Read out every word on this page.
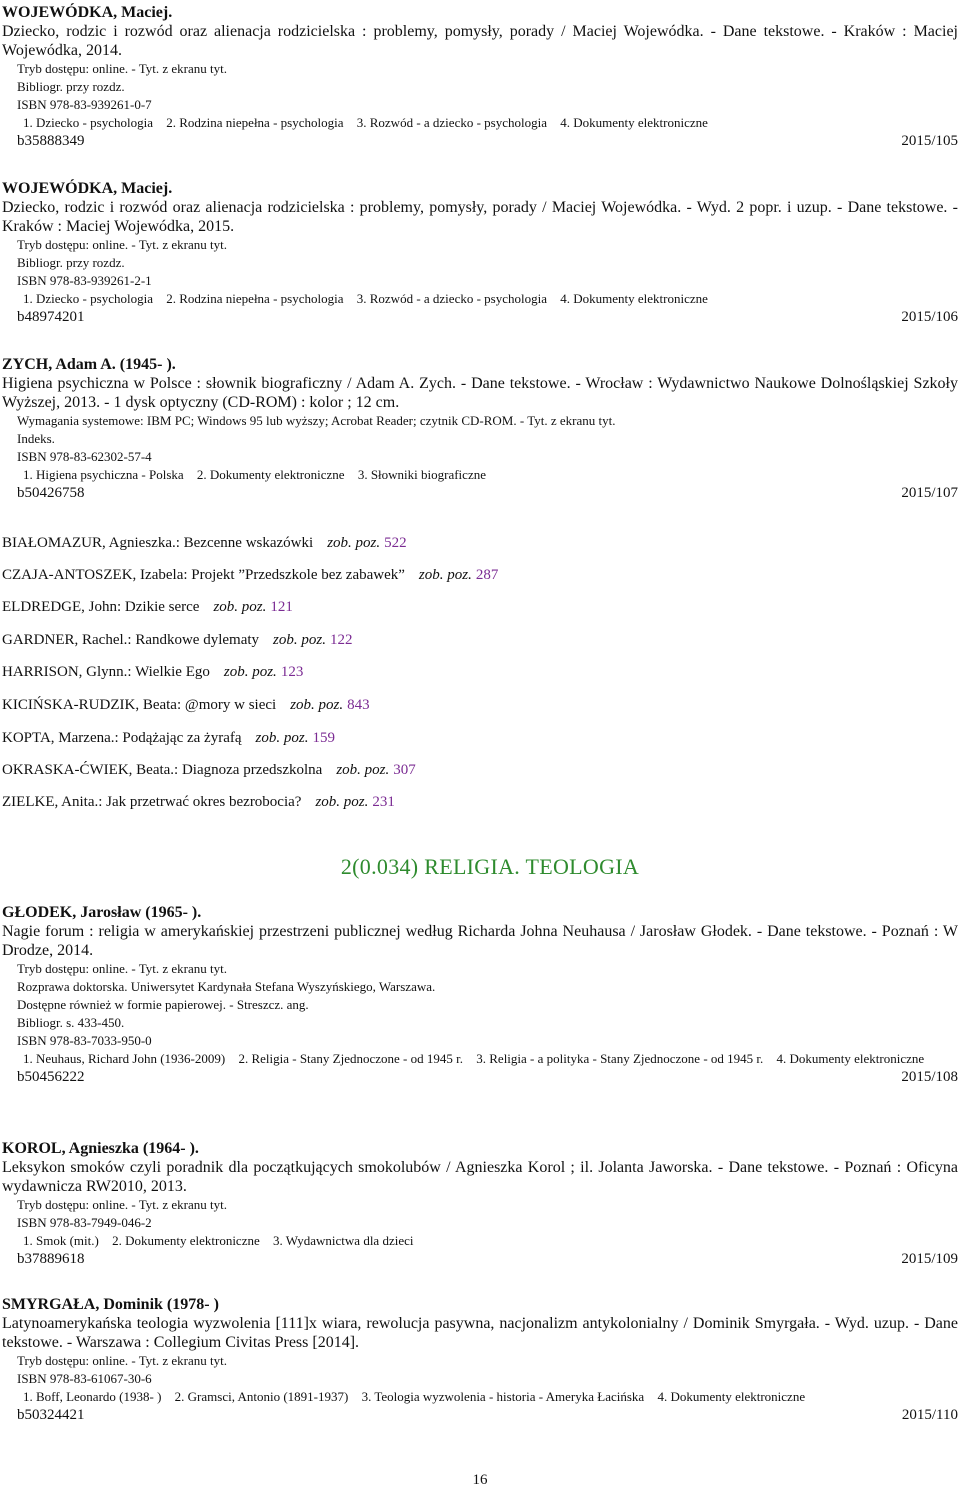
WOJEWÓDKA, Maciej.
Dziecko, rodzic i rozwód oraz alienacja rodzicielska : problemy, pomysły, porady / Maciej Wojewódka. - Dane tekstowe. - Kraków : Maciej Wojewódka, 2014.
Tryb dostępu: online. - Tyt. z ekranu tyt.
Bibliogr. przy rozdz.
ISBN 978-83-939261-0-7
1. Dziecko - psychologia 2. Rodzina niepełna - psychologia 3. Rozwód - a dziecko - psychologia 4. Dokumenty elektroniczne
b35888349	2015/105
WOJEWÓDKA, Maciej.
Dziecko, rodzic i rozwód oraz alienacja rodzicielska : problemy, pomysły, porady / Maciej Wojewódka. - Wyd. 2 popr. i uzup. - Dane tekstowe. - Kraków : Maciej Wojewódka, 2015.
Tryb dostępu: online. - Tyt. z ekranu tyt.
Bibliogr. przy rozdz.
ISBN 978-83-939261-2-1
1. Dziecko - psychologia 2. Rodzina niepełna - psychologia 3. Rozwód - a dziecko - psychologia 4. Dokumenty elektroniczne
b48974201	2015/106
ZYCH, Adam A. (1945- ).
Higiena psychiczna w Polsce : słownik biograficzny / Adam A. Zych. - Dane tekstowe. - Wrocław : Wydawnictwo Naukowe Dolnośląskiej Szkoły Wyższej, 2013. - 1 dysk optyczny (CD-ROM) : kolor ; 12 cm.
Wymagania systemowe: IBM PC; Windows 95 lub wyższy; Acrobat Reader; czytnik CD-ROM. - Tyt. z ekranu tyt.
Indeks.
ISBN 978-83-62302-57-4
1. Higiena psychiczna - Polska 2. Dokumenty elektroniczne 3. Słowniki biograficzne
b50426758	2015/107
BIAŁOMAZUR, Agnieszka.: Bezcenne wskazówki zob. poz. 522
CZAJA-ANTOSZEK, Izabela: Projekt ”Przedszkole bez zabawek” zob. poz. 287
ELDREDGE, John: Dzikie serce zob. poz. 121
GARDNER, Rachel.: Randkowe dylematy zob. poz. 122
HARRISON, Glynn.: Wielkie Ego zob. poz. 123
KICIŃSKA-RUDZIK, Beata: @mory w sieci zob. poz. 843
KOPTA, Marzena.: Podążając za żyrafą zob. poz. 159
OKRASKA-ĆWIEK, Beata.: Diagnoza przedszkolna zob. poz. 307
ZIELKE, Anita.: Jak przetrwać okres bezrobocia? zob. poz. 231
2(0.034) RELIGIA. TEOLOGIA
GŁODEK, Jarosław (1965- ).
Nagie forum : religia w amerykańskiej przestrzeni publicznej według Richarda Johna Neuhausa / Jarosław Głodek. - Dane tekstowe. - Poznań : W Drodze, 2014.
Tryb dostępu: online. - Tyt. z ekranu tyt.
Rozprawa doktorska. Uniwersytet Kardynała Stefana Wyszyńskiego, Warszawa.
Dostępne również w formie papierowej. - Streszcz. ang.
Bibliogr. s. 433-450.
ISBN 978-83-7033-950-0
1. Neuhaus, Richard John (1936-2009) 2. Religia - Stany Zjednoczone - od 1945 r. 3. Religia - a polityka - Stany Zjednoczone - od 1945 r. 4. Dokumenty elektroniczne
b50456222	2015/108
KOROL, Agnieszka (1964- ).
Leksykon smoków czyli poradnik dla początkujących smokolubów / Agnieszka Korol ; il. Jolanta Jaworska. - Dane tekstowe. - Poznań : Oficyna wydawnicza RW2010, 2013.
Tryb dostępu: online. - Tyt. z ekranu tyt.
ISBN 978-83-7949-046-2
1. Smok (mit.) 2. Dokumenty elektroniczne 3. Wydawnictwa dla dzieci
b37889618	2015/109
SMYRGAŁA, Dominik (1978- )
Latynoamerykańska teologia wyzwolenia [111]x wiara, rewolucja pasywna, nacjonalizm antykolonialny / Dominik Smyrgała. - Wyd. uzup. - Dane tekstowe. - Warszawa : Collegium Civitas Press [2014].
Tryb dostępu: online. - Tyt. z ekranu tyt.
ISBN 978-83-61067-30-6
1. Boff, Leonardo (1938- ) 2. Gramsci, Antonio (1891-1937) 3. Teologia wyzwolenia - historia - Ameryka Łacińska 4. Dokumenty elektroniczne
b50324421	2015/110
16
